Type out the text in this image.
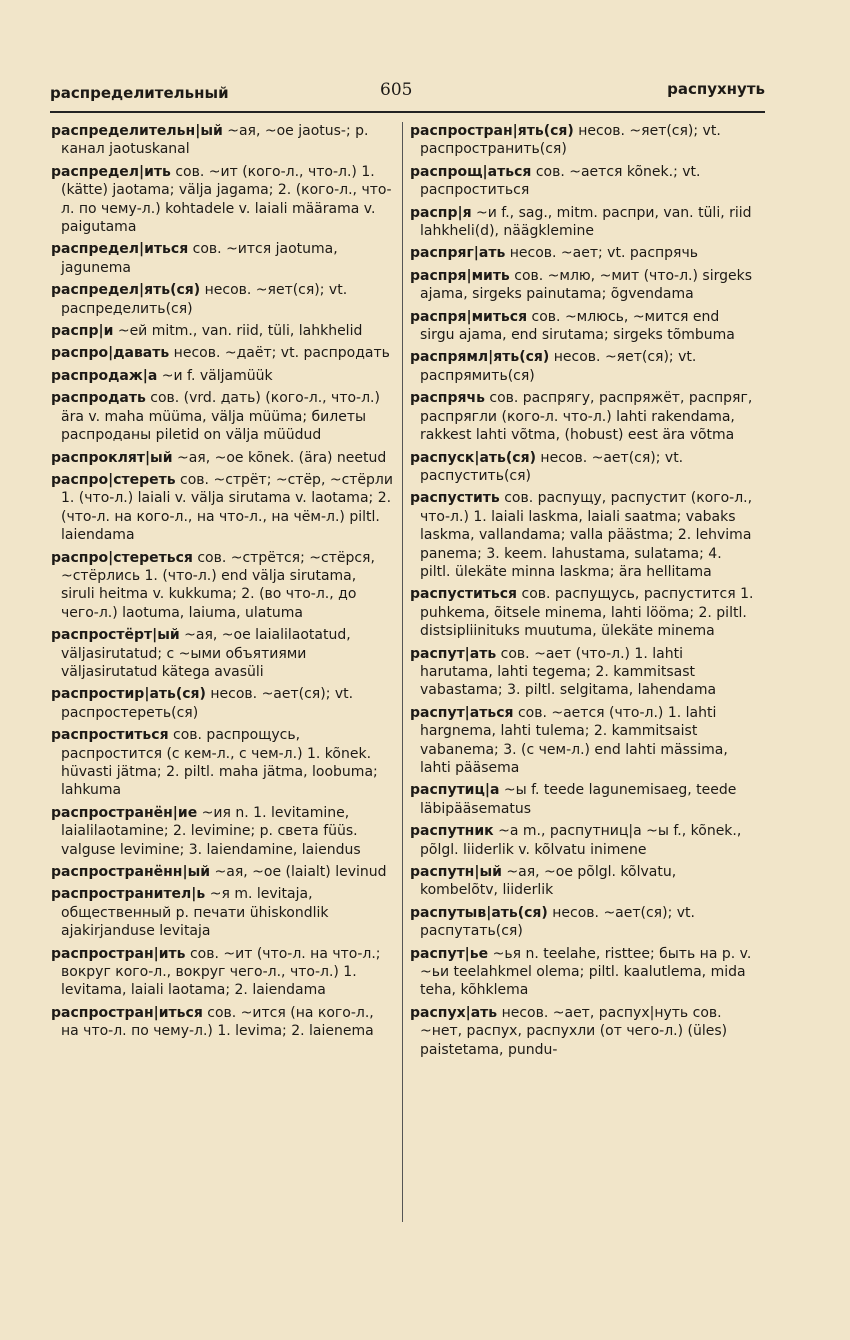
распределительный	605	распухнуть
распределительн|ый ~ая, ~ое jaotus-; p. канал jaotuskanal
распредел|ить сов. ~ит (кого-л., что-л.) 1. (kätte) jaotama; välja jagama; 2. (кого-л., что-л. по чему-л.) kohtadele v. laiali määrama v. paigutama
распредел|иться сов. ~ится jaotuma, jagunema
распредел|ять(ся) несов. ~яет(ся); vt. распределить(ся)
распр|и ~ей mitm., van. riid, tüli, lahkhelid
распро|давать несов. ~даёт; vt. распродать
распродаж|а ~и f. väljamüük
распродать сов. (vrd. дать) (кого-л., что-л.) ära v. maha müüma, välja müüma; билеты распроданы piletid on välja müüdud
распроклят|ый ~ая, ~ое kõnek. (ära) neetud
распро|стереть сов. ~стрёт; ~стёр, ~стёрли 1. (что-л.) laiali v. välja sirutama v. laotama; 2. (что-л. на кого-л., на что-л., на чём-л.) piltl. laiendama
распро|стереться сов. ~стрётся; ~стёрся, ~стёрлись 1. (что-л.) end välja sirutama, siruli heitma v. kukkuma; 2. (во что-л., до чего-л.) laotuma, laiuma, ulatuma
распростёрт|ый ~ая, ~ое laialilaotatud, väljasirutatud; с ~ыми объятиями väljasirutatud kätega avasüli
распростир|ать(ся) несов. ~ает(ся); vt. распростереть(ся)
распроститься сов. распрощусь, распростится (с кем-л., с чем-л.) 1. kõnek. hüvasti jätma; 2. piltl. maha jätma, loobuma; lahkuma
распространён|ие ~ия n. 1. levitamine, laialilaotamine; 2. levimine; p. света füüs. valguse levimine; 3. laiendamine, laiendus
распространённ|ый ~ая, ~ое (laialt) levinud
распространител|ь ~я m. levitaja, общественный p. печати ühiskondlik ajakirjanduse levitaja
распростран|ить сов. ~ит (что-л. на что-л.; вокруг кого-л., вокруг чего-л., что-л.) 1. levitama, laiali laotama; 2. laiendama
распростран|иться сов. ~ится (на кого-л., на что-л. по чему-л.) 1. levima; 2. laienema
распростран|ять(ся) несов. ~яет(ся); vt. распространить(ся)
распрощ|аться сов. ~ается kõnek.; vt. распроститься
распр|я ~и f., sag., mitm. распри, van. tüli, riid lahkheli(d), näägklemine
распряг|ать несов. ~ает; vt. распрячь
распря|мить сов. ~млю, ~мит (что-л.) sirgeks ajama, sirgeks painutama; õgvendama
распря|миться сов. ~млюсь, ~мится end sirgu ajama, end sirutama; sirgeks tõmbuma
распрямл|ять(ся) несов. ~яет(ся); vt. распрямить(ся)
распрячь сов. распрягу, распряжёт, распряг, распрягли (кого-л. что-л.) lahti rakendama, rakkest lahti võtma, (hobust) eest ära võtma
распуск|ать(ся) несов. ~ает(ся); vt. распустить(ся)
распустить сов. распущу, распустит (кого-л., что-л.) 1. laiali laskma, laiali saatma; vabaks laskma, vallandama; valla päästma; 2. lehvima panema; 3. keem. lahustama, sulatama; 4. piltl. ülekäte minna laskma; ära hellitama
распуститься сов. распущусь, распустится 1. puhkema, õitsele minema, lahti lööma; 2. piltl. distsipliinituks muutuma, ülekäte minema
распут|ать сов. ~ает (что-л.) 1. lahti harutama, lahti tegema; 2. kammitsast vabastama; 3. piltl. selgitama, lahendama
распут|аться сов. ~ается (что-л.) 1. lahti hargnema, lahti tulema; 2. kammitsaist vabanema; 3. (с чем-л.) end lahti mässima, lahti pääsema
распутиц|а ~ы f. teede lagunemisaeg, teede läbipääsematus
распутник ~а m., распутниц|а ~ы f., kõnek., põlgl. liiderlik v. kõlvatu inimene
распутн|ый ~ая, ~ое põlgl. kõlvatu, kombelõtv, liiderlik
распутыв|ать(ся) несов. ~ает(ся); vt. распутать(ся)
распут|ье ~ья n. teelahe, risttee; быть на p. v. ~ьи teelahkmel olema; piltl. kaalutlema, mida teha, kõhklema
распух|ать несов. ~ает, распух|нуть сов. ~нет, распух, распухли (от чего-л.) (üles) paistetama, pundu-
